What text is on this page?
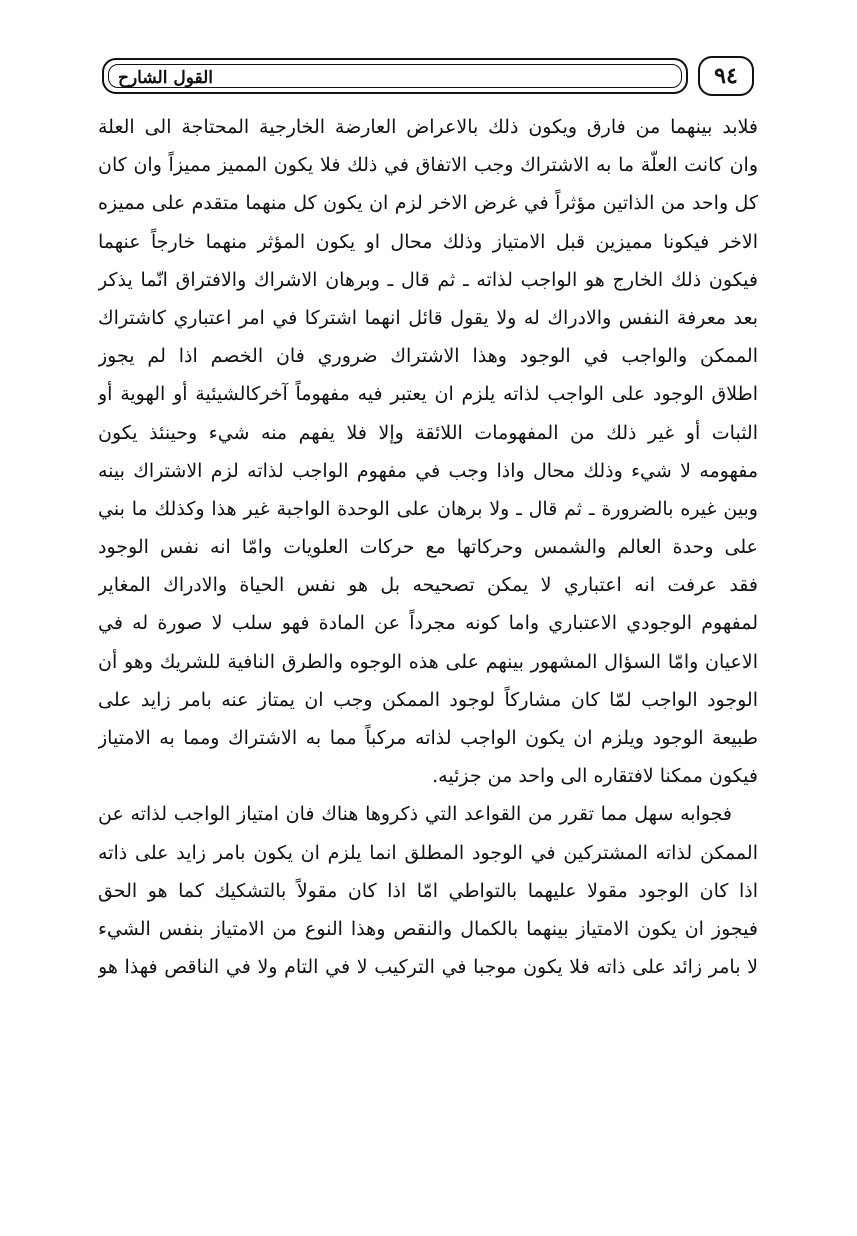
القول الشارح	٩٤
فلابد بينهما من فارق ويكون ذلك بالاعراض العارضة الخارجية المحتاجة الى العلة
وان كانت العلّة ما به الاشتراك وجب الاتفاق في ذلك فلا يكون المميز مميزاً وان كان
كل واحد من الذاتين مؤثراً في غرض الاخر لزم ان يكون كل منهما متقدم على مميزه
الاخر فيكونا مميزين قبل الامتياز وذلك محال او يكون المؤثر منهما خارجاً عنهما
فيكون ذلك الخارج هو الواجب لذاته ـ ثم قال ـ وبرهان الاشراك والافتراق انّما يذكر
بعد معرفة النفس والادراك له ولا يقول قائل انهما اشتركا في امر اعتباري كاشتراك
الممكن والواجب في الوجود وهذا الاشتراك ضروري فان الخصم اذا لم يجوز
اطلاق الوجود على الواجب لذاته يلزم ان يعتبر فيه مفهوماً آخركالشيئية أو الهوية أو
الثبات أو غير ذلك من المفهومات اللائقة وإلا فلا يفهم منه شيء وحينئذ يكون
مفهومه لا شيء وذلك محال واذا وجب في مفهوم الواجب لذاته لزم الاشتراك بينه
وبين غيره بالضرورة ـ ثم قال ـ ولا برهان على الوحدة الواجبة غير هذا وكذلك ما بني
على وحدة العالم والشمس وحركاتها مع حركات العلويات وامّا انه نفس الوجود
فقد عرفت انه اعتباري لا يمكن تصحيحه بل هو نفس الحياة والادراك المغاير
لمفهوم الوجودي الاعتباري واما كونه مجرداً عن المادة فهو سلب لا صورة له في
الاعيان وامّا السؤال المشهور بينهم على هذه الوجوه والطرق النافية للشريك وهو أن
الوجود الواجب لمّا كان مشاركاً لوجود الممكن وجب ان يمتاز عنه بامر زايد على
طبيعة الوجود ويلزم ان يكون الواجب لذاته مركباً مما به الاشتراك ومما به الامتياز
فيكون ممكنا لافتقاره الى واحد من جزئيه.
فجوابه سهل مما تقرر من القواعد التي ذكروها هناك فان امتياز الواجب لذاته عن
الممكن لذاته المشتركين في الوجود المطلق انما يلزم ان يكون بامر زايد على ذاته
اذا كان الوجود مقولا عليهما بالتواطي امّا اذا كان مقولاً بالتشكيك كما هو الحق
فيجوز ان يكون الامتياز بينهما بالكمال والنقص وهذا النوع من الامتياز بنفس الشيء
لا بامر زائد على ذاته فلا يكون موجبا في التركيب لا في التام ولا في الناقص فهذا هو
